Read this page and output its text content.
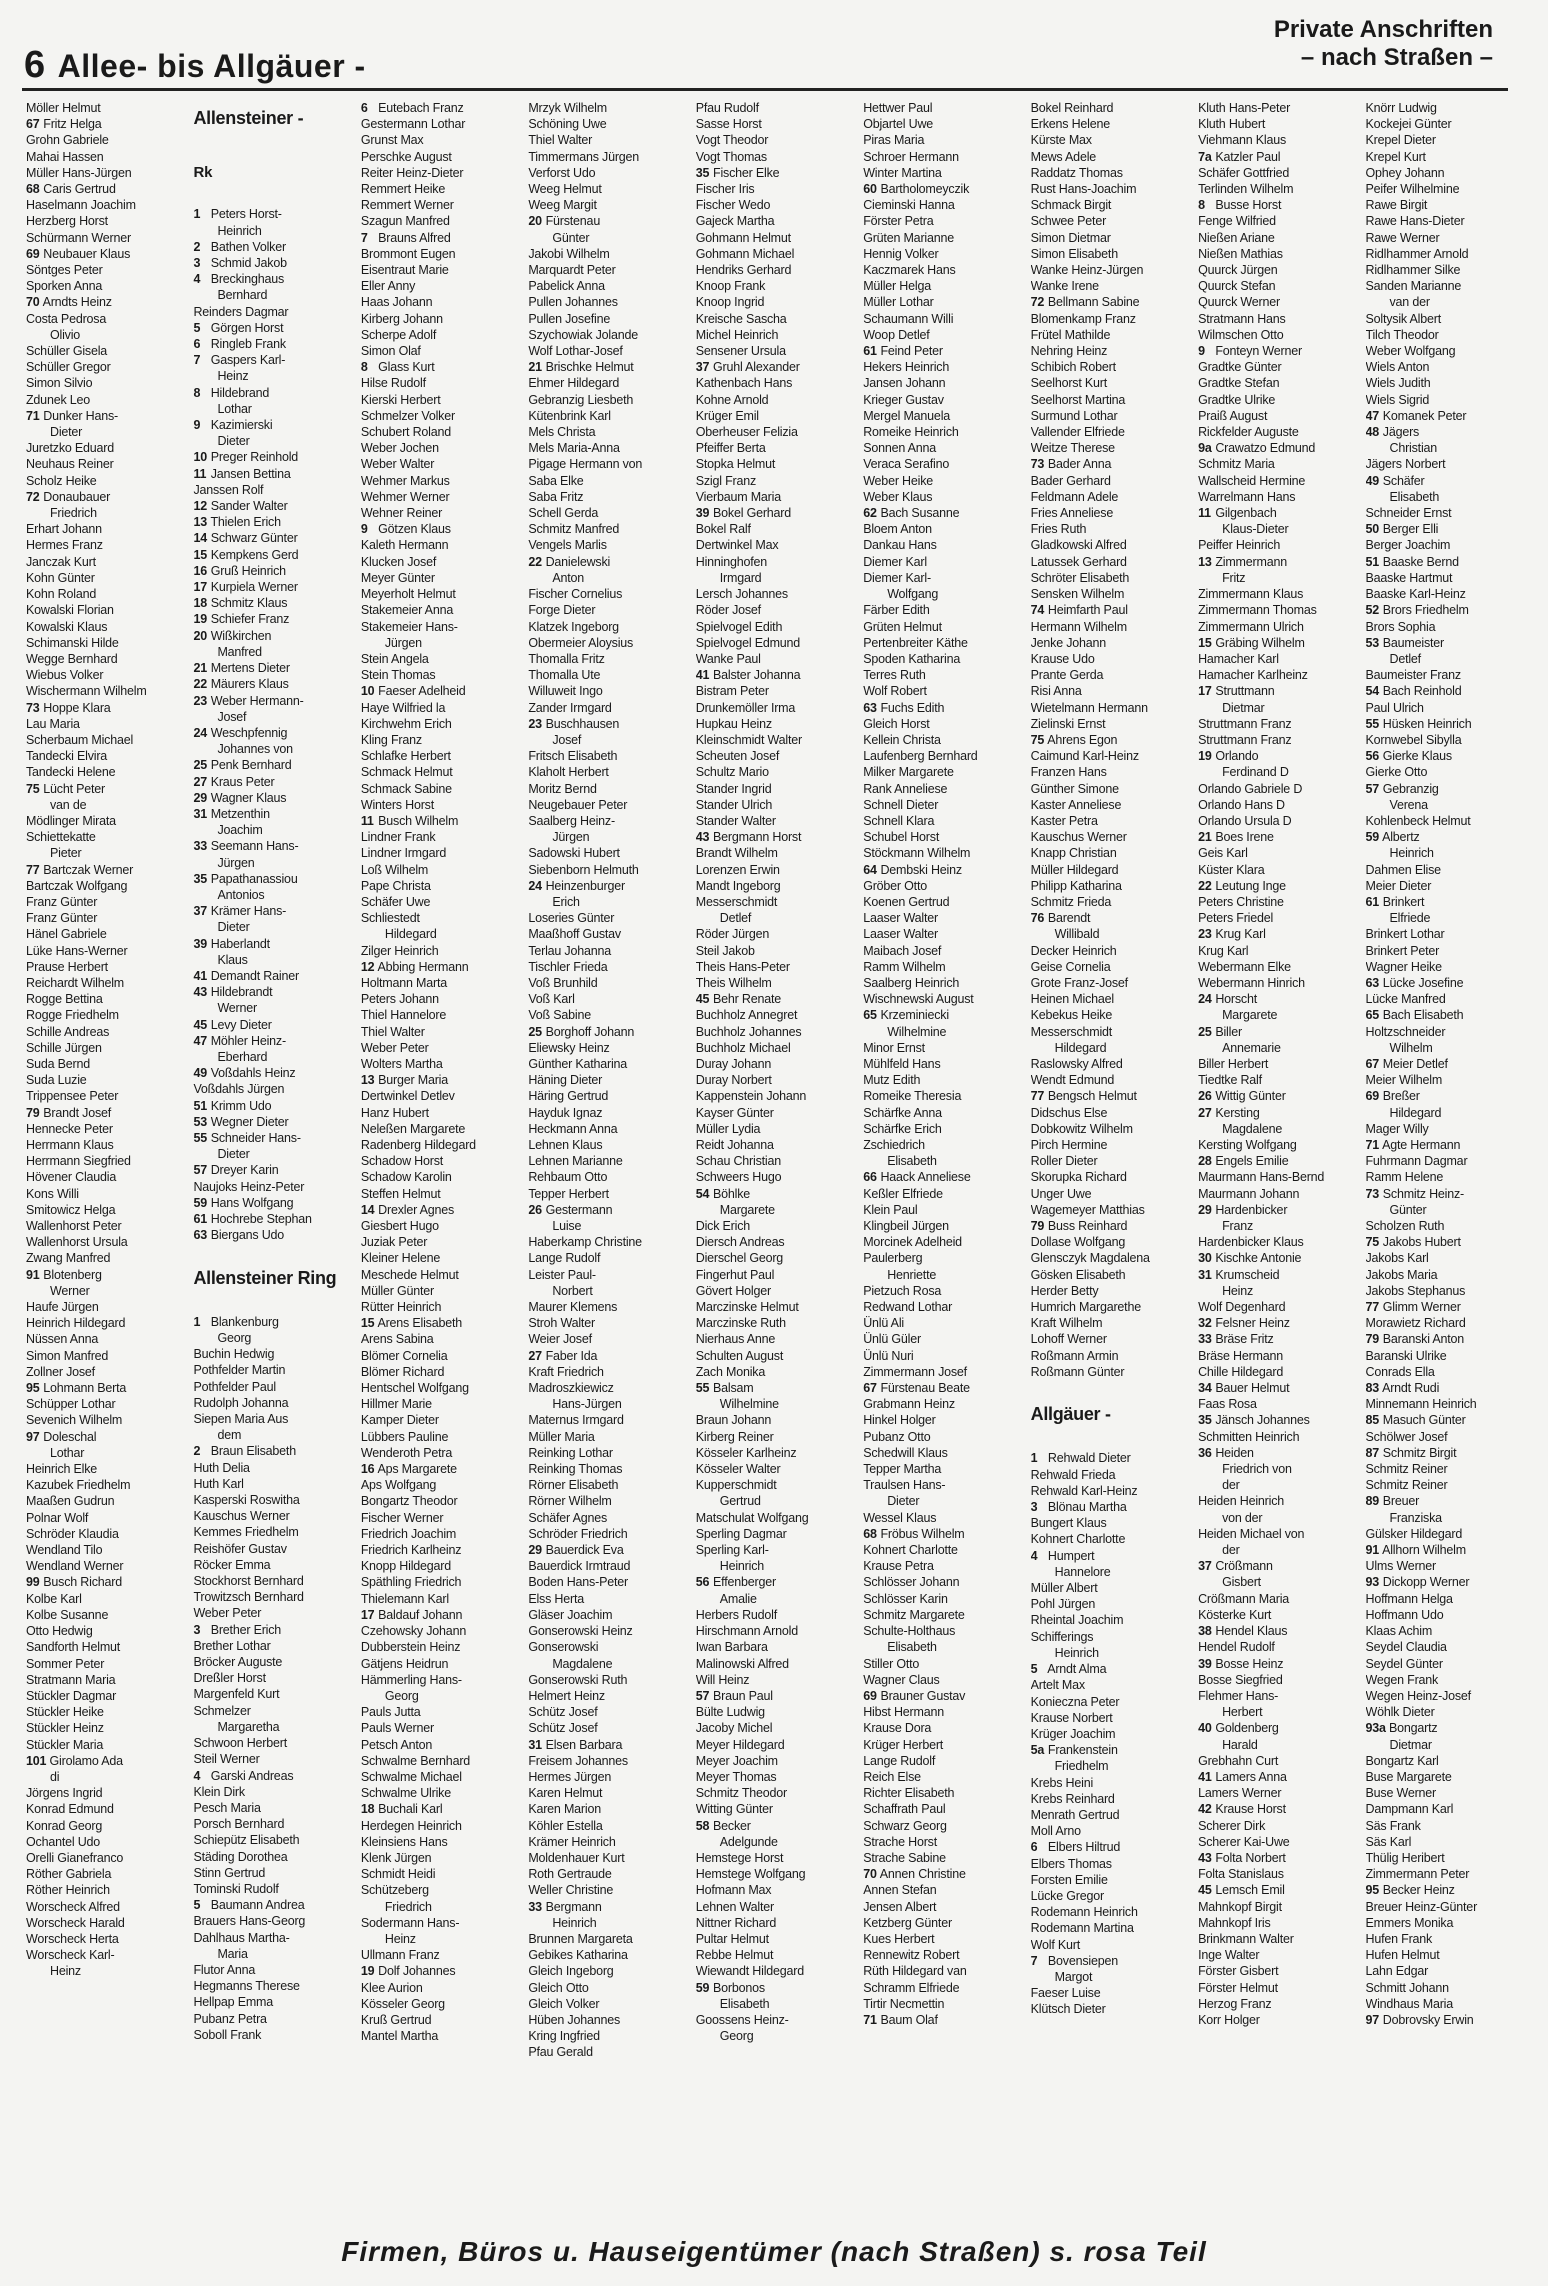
6 Allee- bis Allgäuer -
Private Anschriften
– nach Straßen –
Möller Helmut
67 Fritz Helga
Grohn Gabriele
Mahai Hassen
Müller Hans-Jürgen
68 Caris Gertrud
Haselmann Joachim
Herzberg Horst
Schürmann Werner
69 Neubauer Klaus
Söntges Peter
Sporken Anna
70 Arndts Heinz
Costa Pedrosa
Olivio
Schüller Gisela
Schüller Gregor
Simon Silvio
Zdunek Leo
71 Dunker Hans-
Dieter
Juretzko Eduard
Neuhaus Reiner
Scholz Heike
72 Donaubauer
Friedrich
Erhart Johann
Hermes Franz
Janczak Kurt
Kohn Günter
Kohn Roland
Kowalski Florian
Kowalski Klaus
Schimanski Hilde
Wegge Bernhard
Wiebus Volker
Wischermann Wilhelm
73 Hoppe Klara
Lau Maria
Scherbaum Michael
Tandecki Elvira
Tandecki Helene
75 Lücht Peter
van de
Mödlinger Mirata
Schiettekatte
Pieter
77 Bartczak Werner
Bartczak Wolfgang
Franz Günter
Franz Günter
Hänel Gabriele
Lüke Hans-Werner
Prause Herbert
Reichardt Wilhelm
Rogge Bettina
Rogge Friedhelm
Schille Andreas
Schille Jürgen
Suda Bernd
Suda Luzie
Trippensee Peter
79 Brandt Josef
Hennecke Peter
Herrmann Klaus
Herrmann Siegfried
Hövener Claudia
Kons Willi
Smitowicz Helga
Wallenhorst Peter
Wallenhorst Ursula
Zwang Manfred
91 Blotenberg
Werner
Haufe Jürgen
Heinrich Hildegard
Nüssen Anna
Simon Manfred
Zollner Josef
95 Lohmann Berta
Schüpper Lothar
Sevenich Wilhelm
97 Doleschal
Lothar
Heinrich Elke
Kazubek Friedhelm
Maaßen Gudrun
Polnar Wolf
Schröder Klaudia
Wendland Tilo
Wendland Werner
99 Busch Richard
Kolbe Karl
Kolbe Susanne
Otto Hedwig
Sandforth Helmut
Sommer Peter
Stratmann Maria
Stückler Dagmar
Stückler Heike
Stückler Heinz
Stückler Maria
101 Girolamo Ada
di
Jörgens Ingrid
Konrad Edmund
Konrad Georg
Ochantel Udo
Orelli Gianefranco
Röther Gabriela
Röther Heinrich
Worscheck Alfred
Worscheck Harald
Worscheck Herta
Worscheck Karl-
Heinz
Allensteiner -

Rk

1 Peters Horst-
Heinrich
2 Bathen Volker
3 Schmid Jakob
4 Breckinghaus
Bernhard
Reinders Dagmar
5 Görgen Horst
6 Ringleb Frank
7 Gaspers Karl-
Heinz
8 Hildebrand
Lothar
9 Kazimierski
Dieter
10 Preger Reinhold
11 Jansen Bettina
Janssen Rolf
12 Sander Walter
13 Thielen Erich
14 Schwarz Günter
15 Kempkens Gerd
16 Gruß Heinrich
17 Kurpiela Werner
18 Schmitz Klaus
19 Schiefer Franz
20 Wißkirchen
Manfred
21 Mertens Dieter
22 Mäurers Klaus
23 Weber Hermann-
Josef
24 Weschpfennig
Johannes von
25 Penk Bernhard
27 Kraus Peter
29 Wagner Klaus
31 Metzenthin
Joachim
33 Seemann Hans-
Jürgen
35 Papathanassiou
Antonios
37 Krämer Hans-
Dieter
39 Haberlandt
Klaus
41 Demandt Rainer
43 Hildebrandt
Werner
45 Levy Dieter
47 Möhler Heinz-
Eberhard
49 Voßdahls Heinz
Voßdahls Jürgen
51 Krimm Udo
53 Wegner Dieter
55 Schneider Hans-
Dieter
57 Dreyer Karin
Naujoks Heinz-Peter
59 Hans Wolfgang
61 Hochrebe Stephan
63 Biergans Udo

Allensteiner Ring

1 Blankenburg
Georg
Buchin Hedwig
Pothfelder Martin
Pothfelder Paul
Rudolph Johanna
Siepen Maria Aus
dem
2 Braun Elisabeth
Huth Delia
Huth Karl
Kasperski Roswitha
Kauschus Werner
Kemmes Friedhelm
Reishöfer Gustav
Röcker Emma
Stockhorst Bernhard
Trowitzsch Bernhard
Weber Peter
3 Brether Erich
Brether Lothar
Bröcker Auguste
Dreßler Horst
Margenfeld Kurt
Schmelzer
Margaretha
Schwoon Herbert
Steil Werner
4 Garski Andreas
Klein Dirk
Pesch Maria
Porsch Bernhard
Schiepütz Elisabeth
Städing Dorothea
Stinn Gertrud
Tominski Rudolf
5 Baumann Andrea
Brauers Hans-Georg
Dahlhaus Martha-
Maria
Flutor Anna
Hegmanns Therese
Hellpap Emma
Pubanz Petra
Soboll Frank
6 Eutebach Franz
Gestermann Lothar
Grunst Max
Perschke August
Reiter Heinz-Dieter
Remmert Heike
Remmert Werner
Szagun Manfred
7 Brauns Alfred
Brommont Eugen
Eisentraut Marie
Eller Anny
Haas Johann
Kirberg Johann
Scherpe Adolf
Simon Olaf
8 Glass Kurt
Hilse Rudolf
Kierski Herbert
Schmelzer Volker
Schubert Roland
Weber Jochen
Weber Walter
Wehmer Markus
Wehmer Werner
Wehner Reiner
9 Götzen Klaus
Kaleth Hermann
Klucken Josef
Meyer Günter
Meyerholt Helmut
Stakemeier Anna
Stakemeier Hans-
Jürgen
Stein Angela
Stein Thomas
10 Faeser Adelheid
Haye Wilfried la
Kirchwehm Erich
Kling Franz
Schlafke Herbert
Schmack Helmut
Schmack Sabine
Winters Horst
11 Busch Wilhelm
Lindner Frank
Lindner Irmgard
Loß Wilhelm
Pape Christa
Schäfer Uwe
Schliestedt
Hildegard
Zilger Heinrich
12 Abbing Hermann
Holtmann Marta
Peters Johann
Thiel Hannelore
Thiel Walter
Weber Peter
Wolters Martha
13 Burger Maria
Dertwinkel Detlev
Hanz Hubert
Neleßen Margarete
Radenberg Hildegard
Schadow Horst
Schadow Karolin
Steffen Helmut
14 Drexler Agnes
Giesbert Hugo
Juziak Peter
Kleiner Helene
Meschede Helmut
Müller Günter
Rütter Heinrich
15 Arens Elisabeth
Arens Sabina
Blömer Cornelia
Blömer Richard
Hentschel Wolfgang
Hillmer Marie
Kamper Dieter
Lübbers Pauline
Wenderoth Petra
16 Aps Margarete
Aps Wolfgang
Bongartz Theodor
Fischer Werner
Friedrich Joachim
Friedrich Karlheinz
Knopp Hildegard
Späthling Friedrich
Thielemann Karl
17 Baldauf Johann
Czehowsky Johann
Dubberstein Heinz
Gätjens Heidrun
Hämmerling Hans-
Georg
Pauls Jutta
Pauls Werner
Petsch Anton
Schwalme Bernhard
Schwalme Michael
Schwalme Ulrike
18 Buchali Karl
Herdegen Heinrich
Kleinsiens Hans
Klenk Jürgen
Schmidt Heidi
Schützeberg
Friedrich
Sodermann Hans-
Heinz
Ullmann Franz
19 Dolf Johannes
Klee Aurion
Kösseler Georg
Kruß Gertrud
Mantel Martha
Mrzyk Wilhelm
Schöning Uwe
Thiel Walter
Timmermans Jürgen
Verforst Udo
Weeg Helmut
Weeg Margit
20 Fürstenau
Günter
Jakobi Wilhelm
Marquardt Peter
Pabelick Anna
Pullen Johannes
Pullen Josefine
Szychowiak Jolande
Wolf Lothar-Josef
21 Brischke Helmut
Ehmer Hildegard
Gebranzig Liesbeth
Kütenbrink Karl
Mels Christa
Mels Maria-Anna
Pigage Hermann von
Saba Elke
Saba Fritz
Schell Gerda
Schmitz Manfred
Vengels Marlis
22 Danielewski
Anton
Fischer Cornelius
Forge Dieter
Klatzek Ingeborg
Obermeier Aloysius
Thomalla Fritz
Thomalla Ute
Willuweit Ingo
Zander Irmgard
23 Buschhausen
Josef
Fritsch Elisabeth
Klaholt Herbert
Moritz Bernd
Neugebauer Peter
Saalberg Heinz-
Jürgen
Sadowski Hubert
Siebenborn Helmuth
24 Heinzenburger
Erich
Loseries Günter
Maaßhoff Gustav
Terlau Johanna
Tischler Frieda
Voß Brunhild
Voß Karl
Voß Sabine
25 Borghoff Johann
Eliewsky Heinz
Günther Katharina
Häning Dieter
Häring Gertrud
Hayduk Ignaz
Heckmann Anna
Lehnen Klaus
Lehnen Marianne
Rehbaum Otto
Tepper Herbert
26 Gestermann
Luise
Haberkamp Christine
Lange Rudolf
Leister Paul-
Norbert
Maurer Klemens
Stroh Walter
Weier Josef
27 Faber Ida
Kraft Friedrich
Madroszkiewicz
Hans-Jürgen
Maternus Irmgard
Müller Maria
Reinking Lothar
Reinking Thomas
Rörner Elisabeth
Rörner Wilhelm
Schäfer Agnes
Schröder Friedrich
29 Bauerdick Eva
Bauerdick Irmtraud
Boden Hans-Peter
Elss Herta
Gläser Joachim
Gonserowski Heinz
Gonserowski
Magdalene
Gonserowski Ruth
Helmert Heinz
Schütz Josef
Schütz Josef
31 Elsen Barbara
Freisem Johannes
Hermes Jürgen
Karen Helmut
Karen Marion
Köhler Estella
Krämer Heinrich
Moldenhauer Kurt
Roth Gertraude
Weller Christine
33 Bergmann
Heinrich
Brunnen Margareta
Gebikes Katharina
Gleich Ingeborg
Gleich Otto
Gleich Volker
Hüben Johannes
Kring Ingfried
Pfau Gerald
Pfau Rudolf
Sasse Horst
Vogt Theodor
Vogt Thomas
35 Fischer Elke
Fischer Iris
Fischer Wedo
Gajeck Martha
Gohmann Helmut
Gohmann Michael
Hendriks Gerhard
Knoop Frank
Knoop Ingrid
Kreische Sascha
Michel Heinrich
Sensener Ursula
37 Gruhl Alexander
Kathenbach Hans
Kohne Arnold
Krüger Emil
Oberheuser Felizia
Pfeiffer Berta
Stopka Helmut
Szigl Franz
Vierbaum Maria
39 Bokel Gerhard
Bokel Ralf
Dertwinkel Max
Hinninghofen
Irmgard
Lersch Johannes
Röder Josef
Spielvogel Edith
Spielvogel Edmund
Wanke Paul
41 Balster Johanna
Bistram Peter
Drunkemöller Irma
Hupkau Heinz
Kleinschmidt Walter
Scheuten Josef
Schultz Mario
Stander Ingrid
Stander Ulrich
Stander Walter
43 Bergmann Horst
Brandt Wilhelm
Lorenzen Erwin
Mandt Ingeborg
Messerschmidt
Detlef
Röder Jürgen
Steil Jakob
Theis Hans-Peter
Theis Wilhelm
45 Behr Renate
Buchholz Annegret
Buchholz Johannes
Buchholz Michael
Duray Johann
Duray Norbert
Kappenstein Johann
Kayser Günter
Müller Lydia
Reidt Johanna
Schau Christian
Schweers Hugo
54 Böhlke
Margarete
Dick Erich
Diersch Andreas
Dierschel Georg
Fingerhut Paul
Gövert Holger
Marczinske Helmut
Marczinske Ruth
Nierhaus Anne
Schulten August
Zach Monika
55 Balsam
Wilhelmine
Braun Johann
Kirberg Reiner
Kösseler Karlheinz
Kösseler Walter
Kupperschmidt
Gertrud
Matschulat Wolfgang
Sperling Dagmar
Sperling Karl-
Heinrich
56 Effenberger
Amalie
Herbers Rudolf
Hirschmann Arnold
Iwan Barbara
Malinowski Alfred
Will Heinz
57 Braun Paul
Bülte Ludwig
Jacoby Michel
Meyer Hildegard
Meyer Joachim
Meyer Thomas
Schmitz Theodor
Witting Günter
58 Becker
Adelgunde
Hemstege Horst
Hemstege Wolfgang
Hofmann Max
Lehnen Walter
Nittner Richard
Pultar Helmut
Rebbe Helmut
Wiewandt Hildegard
59 Borbonos
Elisabeth
Goossens Heinz-
Georg
Hettwer Paul
Objartel Uwe
Piras Maria
Schroer Hermann
Winter Martina
60 Bartholomeyczik
Cieminski Hanna
Förster Petra
Grüten Marianne
Hennig Volker
Kaczmarek Hans
Müller Helga
Müller Lothar
Schaumann Willi
Woop Detlef
61 Feind Peter
Hekers Heinrich
Jansen Johann
Krieger Gustav
Mergel Manuela
Romeike Heinrich
Sonnen Anna
Veraca Serafino
Weber Heike
Weber Klaus
62 Bach Susanne
Bloem Anton
Dankau Hans
Diemer Karl
Diemer Karl-
Wolfgang
Färber Edith
Grüten Helmut
Pertenbreiter Käthe
Spoden Katharina
Terres Ruth
Wolf Robert
63 Fuchs Edith
Gleich Horst
Kellein Christa
Laufenberg Bernhard
Milker Margarete
Rank Anneliese
Schnell Dieter
Schnell Klara
Schubel Horst
Stöckmann Wilhelm
64 Dembski Heinz
Gröber Otto
Koenen Gertrud
Laaser Walter
Laaser Walter
Maibach Josef
Ramm Wilhelm
Saalberg Heinrich
Wischnewski August
65 Krzeminiecki
Wilhelmine
Minor Ernst
Mühlfeld Hans
Mutz Edith
Romeike Theresia
Schärfke Anna
Schärfke Erich
Zschiedrich
Elisabeth
66 Haack Anneliese
Keßler Elfriede
Klein Paul
Klingbeil Jürgen
Morcinek Adelheid
Paulerberg
Henriette
Pietzuch Rosa
Redwand Lothar
Ünlü Ali
Ünlü Güler
Ünlü Nuri
Zimmermann Josef
67 Fürstenau Beate
Grabmann Heinz
Hinkel Holger
Pubanz Otto
Schedwill Klaus
Tepper Martha
Traulsen Hans-
Dieter
Wessel Klaus
68 Fröbus Wilhelm
Kohnert Charlotte
Krause Petra
Schlösser Johann
Schlösser Karin
Schmitz Margarete
Schulte-Holthaus
Elisabeth
Stiller Otto
Wagner Claus
69 Brauner Gustav
Hibst Hermann
Krause Dora
Krüger Herbert
Lange Rudolf
Reich Else
Richter Elisabeth
Schaffrath Paul
Schwarz Georg
Strache Horst
Strache Sabine
70 Annen Christine
Annen Stefan
Jensen Albert
Ketzberg Günter
Kues Herbert
Rennewitz Robert
Rüth Hildegard van
Schramm Elfriede
Tirtir Necmettin
71 Baum Olaf
Bokel Reinhard
Erkens Helene
Kürste Max
Mews Adele
Raddatz Thomas
Rust Hans-Joachim
Schmack Birgit
Schwee Peter
Simon Dietmar
Simon Elisabeth
Wanke Heinz-Jürgen
Wanke Irene
72 Bellmann Sabine
Blomenkamp Franz
Frütel Mathilde
Nehring Heinz
Schibich Robert
Seelhorst Kurt
Seelhorst Martina
Surmund Lothar
Vallender Elfriede
Weitze Therese
73 Bader Anna
Bader Gerhard
Feldmann Adele
Fries Anneliese
Fries Ruth
Gladkowski Alfred
Latussek Gerhard
Schröter Elisabeth
Sensken Wilhelm
74 Heimfarth Paul
Hermann Wilhelm
Jenke Johann
Krause Udo
Prante Gerda
Risi Anna
Wietelmann Hermann
Zielinski Ernst
75 Ahrens Egon
Caimund Karl-Heinz
Franzen Hans
Günther Simone
Kaster Anneliese
Kaster Petra
Kauschus Werner
Knapp Christian
Müller Hildegard
Philipp Katharina
Schmitz Frieda
76 Barendt
Willibald
Decker Heinrich
Geise Cornelia
Grote Franz-Josef
Heinen Michael
Kebekus Heike
Messerschmidt
Hildegard
Raslowsky Alfred
Wendt Edmund
77 Bengsch Helmut
Didschus Else
Dobkowitz Wilhelm
Pirch Hermine
Roller Dieter
Skorupka Richard
Unger Uwe
Wagemeyer Matthias
79 Buss Reinhard
Dollase Wolfgang
Glensczyk Magdalena
Gösken Elisabeth
Herder Betty
Humrich Margarethe
Kraft Wilhelm
Lohoff Werner
Roßmann Armin
Roßmann Günter

Allgäuer -

1 Rehwald Dieter
Rehwald Frieda
Rehwald Karl-Heinz
3 Blönau Martha
Bungert Klaus
Kohnert Charlotte
4 Humpert
Hannelore
Müller Albert
Pohl Jürgen
Rheintal Joachim
Schifferings
Heinrich
5 Arndt Alma
Artelt Max
Konieczna Peter
Krause Norbert
Krüger Joachim
5a Frankenstein
Friedhelm
Krebs Heini
Krebs Reinhard
Menrath Gertrud
Moll Arno
6 Elbers Hiltrud
Elbers Thomas
Forsten Emilie
Lücke Gregor
Rodemann Heinrich
Rodemann Martina
Wolf Kurt
7 Bovensiepen
Margot
Faeser Luise
Klütsch Dieter
Kluth Hans-Peter
Kluth Hubert
Viehmann Klaus
7a Katzler Paul
Schäfer Gottfried
Terlinden Wilhelm
8 Busse Horst
Fenge Wilfried
Nießen Ariane
Nießen Mathias
Quurck Jürgen
Quurck Stefan
Quurck Werner
Stratmann Hans
Wilmschen Otto
9 Fonteyn Werner
Gradtke Günter
Gradtke Stefan
Gradtke Ulrike
Praiß August
Rickfelder Auguste
9a Crawatzo Edmund
Schmitz Maria
Wallscheid Hermine
Warrelmann Hans
11 Gilgenbach
Klaus-Dieter
Peiffer Heinrich
13 Zimmermann
Fritz
Zimmermann Klaus
Zimmermann Thomas
Zimmermann Ulrich
15 Gräbing Wilhelm
Hamacher Karl
Hamacher Karlheinz
17 Struttmann
Dietmar
Struttmann Franz
Struttmann Franz
19 Orlando
Ferdinand D
Orlando Gabriele D
Orlando Hans D
Orlando Ursula D
21 Boes Irene
Geis Karl
Küster Klara
22 Leutung Inge
Peters Christine
Peters Friedel
23 Krug Karl
Krug Karl
Webermann Elke
Webermann Hinrich
24 Horscht
Margarete
25 Biller
Annemarie
Biller Herbert
Tiedtke Ralf
26 Wittig Günter
27 Kersting
Magdalene
Kersting Wolfgang
28 Engels Emilie
Maurmann Hans-Bernd
Maurmann Johann
29 Hardenbicker
Franz
Hardenbicker Klaus
30 Kischke Antonie
31 Krumscheid
Heinz
Wolf Degenhard
32 Felsner Heinz
33 Bräse Fritz
Bräse Hermann
Chille Hildegard
34 Bauer Helmut
Faas Rosa
35 Jänsch Johannes
Schmitten Heinrich
36 Heiden
Friedrich von
der
Heiden Heinrich
von der
Heiden Michael von
der
37 Crößmann
Gisbert
Crößmann Maria
Kösterke Kurt
38 Hendel Klaus
Hendel Rudolf
39 Bosse Heinz
Bosse Siegfried
Flehmer Hans-
Herbert
40 Goldenberg
Harald
Grebhahn Curt
41 Lamers Anna
Lamers Werner
42 Krause Horst
Scherer Dirk
Scherer Kai-Uwe
43 Folta Norbert
Folta Stanislaus
45 Lemsch Emil
Mahnkopf Birgit
Mahnkopf Iris
Brinkmann Walter
Inge Walter
Förster Gisbert
Förster Helmut
Herzog Franz
Korr Holger
Knörr Ludwig
Kockejei Günter
Krepel Dieter
Krepel Kurt
Ophey Johann
Peifer Wilhelmine
Rawe Birgit
Rawe Hans-Dieter
Rawe Werner
Ridlhammer Arnold
Ridlhammer Silke
Sanden Marianne
van der
Soltysik Albert
Tilch Theodor
Weber Wolfgang
Wiels Anton
Wiels Judith
Wiels Sigrid
47 Komanek Peter
48 Jägers
Christian
Jägers Norbert
49 Schäfer
Elisabeth
Schneider Ernst
50 Berger Elli
Berger Joachim
51 Baaske Bernd
Baaske Hartmut
Baaske Karl-Heinz
52 Brors Friedhelm
Brors Sophia
53 Baumeister
Detlef
Baumeister Franz
54 Bach Reinhold
Paul Ulrich
55 Hüsken Heinrich
Kornwebel Sibylla
56 Gierke Klaus
Gierke Otto
57 Gebranzig
Verena
Kohlenbeck Helmut
59 Albertz
Heinrich
Dahmen Elise
Meier Dieter
61 Brinkert
Elfriede
Brinkert Lothar
Brinkert Peter
Wagner Heike
63 Lücke Josefine
Lücke Manfred
65 Bach Elisabeth
Holtzschneider
Wilhelm
67 Meier Detlef
Meier Wilhelm
69 Breßer
Hildegard
Mager Willy
71 Agte Hermann
Fuhrmann Dagmar
Ramm Helene
73 Schmitz Heinz-
Günter
Scholzen Ruth
75 Jakobs Hubert
Jakobs Karl
Jakobs Maria
Jakobs Stephanus
77 Glimm Werner
Morawietz Richard
79 Baranski Anton
Baranski Ulrike
Conrads Ella
83 Arndt Rudi
Minnemann Heinrich
85 Masuch Günter
Schölwer Josef
87 Schmitz Birgit
Schmitz Reiner
Schmitz Reiner
89 Breuer
Franziska
Gülsker Hildegard
91 Allhorn Wilhelm
Ulms Werner
93 Dickopp Werner
Hoffmann Helga
Hoffmann Udo
Klaas Achim
Seydel Claudia
Seydel Günter
Wegen Frank
Wegen Heinz-Josef
Wöhlk Dieter
93a Bongartz
Dietmar
Bongartz Karl
Buse Margarete
Buse Werner
Dampmann Karl
Säs Frank
Säs Karl
Thülig Heribert
Zimmermann Peter
95 Becker Heinz
Breuer Heinz-Günter
Emmers Monika
Hufen Frank
Hufen Helmut
Lahn Edgar
Schmitt Johann
Windhaus Maria
97 Dobrovsky Erwin
Firmen, Büros u. Hauseigentümer (nach Straßen) s. rosa Teil
